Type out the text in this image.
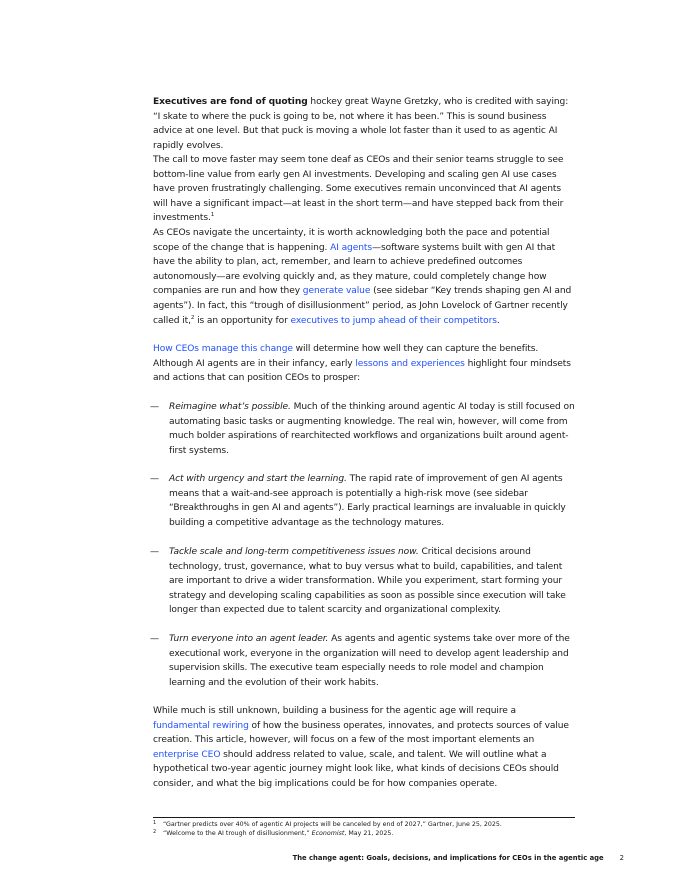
Executives are fond of quoting hockey great Wayne Gretzky, who is credited with saying: “I skate to where the puck is going to be, not where it has been.” This is sound business advice at one level. But that puck is moving a whole lot faster than it used to as agentic AI rapidly evolves.

The call to move faster may seem tone deaf as CEOs and their senior teams struggle to see bottom-line value from early gen AI investments. Developing and scaling gen AI use cases have proven frustratingly challenging. Some executives remain unconvinced that AI agents will have a significant impact—at least in the short term—and have stepped back from their investments.$^1$

As CEOs navigate the uncertainty, it is worth acknowledging both the pace and potential scope of the change that is happening. AI agents—software systems built with gen AI that have the ability to plan, act, remember, and learn to achieve predefined outcomes autonomously—are evolving quickly and, as they mature, could completely change how companies are run and how they generate value (see sidebar “Key trends shaping gen AI and agents”). In fact, this “trough of disillusionment” period, as John Lovelock of Gartner recently called it,$^2$ is an opportunity for executives to jump ahead of their competitors.

How CEOs manage this change will determine how well they can capture the benefits. Although AI agents are in their infancy, early lessons and experiences highlight four mindsets and actions that can position CEOs to prosper:

— Reimagine what’s possible. Much of the thinking around agentic AI today is still focused on automating basic tasks or augmenting knowledge. The real win, however, will come from much bolder aspirations of rearchitected workflows and organizations built around agent-first systems.

— Act with urgency and start the learning. The rapid rate of improvement of gen AI agents means that a wait-and-see approach is potentially a high-risk move (see sidebar “Breakthroughs in gen AI and agents”). Early practical learnings are invaluable in quickly building a competitive advantage as the technology matures.

— Tackle scale and long-term competitiveness issues now. Critical decisions around technology, trust, governance, what to buy versus what to build, capabilities, and talent are important to drive a wider transformation. While you experiment, start forming your strategy and developing scaling capabilities as soon as possible since execution will take longer than expected due to talent scarcity and organizational complexity.

— Turn everyone into an agent leader. As agents and agentic systems take over more of the executional work, everyone in the organization will need to develop agent leadership and supervision skills. The executive team especially needs to role model and champion learning and the evolution of their work habits.

While much is still unknown, building a business for the agentic age will require a fundamental rewiring of how the business operates, innovates, and protects sources of value creation. This article, however, will focus on a few of the most important elements an enterprise CEO should address related to value, scale, and talent. We will outline what a hypothetical two-year agentic journey might look like, what kinds of decisions CEOs should consider, and what the big implications could be for how companies operate.

1 “Gartner predicts over 40% of agentic AI projects will be canceled by end of 2027,” Gartner, June 25, 2025.
2 “Welcome to the AI trough of disillusionment,” Economist, May 21, 2025.
The change agent: Goals, decisions, and implications for CEOs in the agentic age 2
